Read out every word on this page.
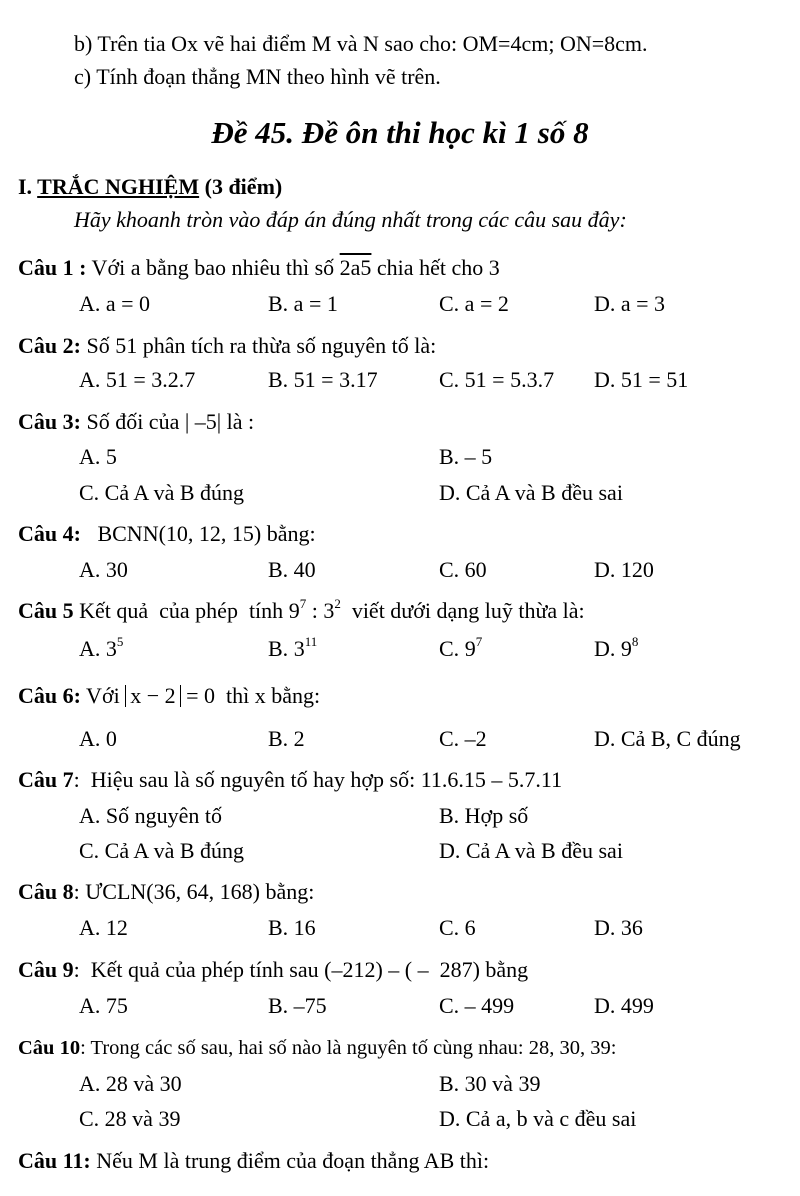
b) Trên tia Ox vẽ hai điểm M và N sao cho: OM=4cm; ON=8cm.
c) Tính đoạn thẳng MN theo hình vẽ trên.
Đề 45. Đề ôn thi học kì 1 số 8
I. TRẮC NGHIỆM (3 điểm)
Hãy khoanh tròn vào đáp án đúng nhất trong các câu sau đây:
Câu 1 : Với a bằng bao nhiêu thì số 2a5 chia hết cho 3
A. a = 0	B. a = 1	C. a = 2	D. a = 3
Câu 2: Số 51 phân tích ra thừa số nguyên tố là:
A. 51 = 3.2.7	B. 51 = 3.17	C. 51 = 5.3.7 D. 51 = 51
Câu 3: Số đối của | –5| là :
A. 5	B. – 5
C. Cả A và B đúng	D. Cả A và B đều sai
Câu 4:   BCNN(10, 12, 15) bằng:
A. 30	B. 40	C. 60	D. 120
Câu 5 Kết quả  của phép  tính $9^7$ : $3^2$  viết dưới dạng luỹ thừa là:
A. $3^5$	B. $3^{11}$	C. $9^7$	D. $9^8$
Câu 6: Với x − 2 = 0  thì x bằng:
A. 0	B. 2	C. –2	D. Cả B, C đúng
Câu 7:  Hiệu sau là số nguyên tố hay hợp số: 11.6.15 – 5.7.11
A. Số nguyên tố	B. Hợp số
C. Cả A và B đúng	D. Cả A và B đều sai
Câu 8: ƯCLN(36, 64, 168) bằng:
A. 12	B. 16	C. 6	D. 36
Câu 9:  Kết quả của phép tính sau (–212) – ( –  287) bằng
A. 75	B. –75	C. – 499	D. 499
Câu 10: Trong các số sau, hai số nào là nguyên tố cùng nhau: 28, 30, 39:
A. 28 và 30	B. 30 và 39
C. 28 và 39	D. Cả a, b và c đều sai
Câu 11: Nếu M là trung điểm của đoạn thẳng AB thì:
